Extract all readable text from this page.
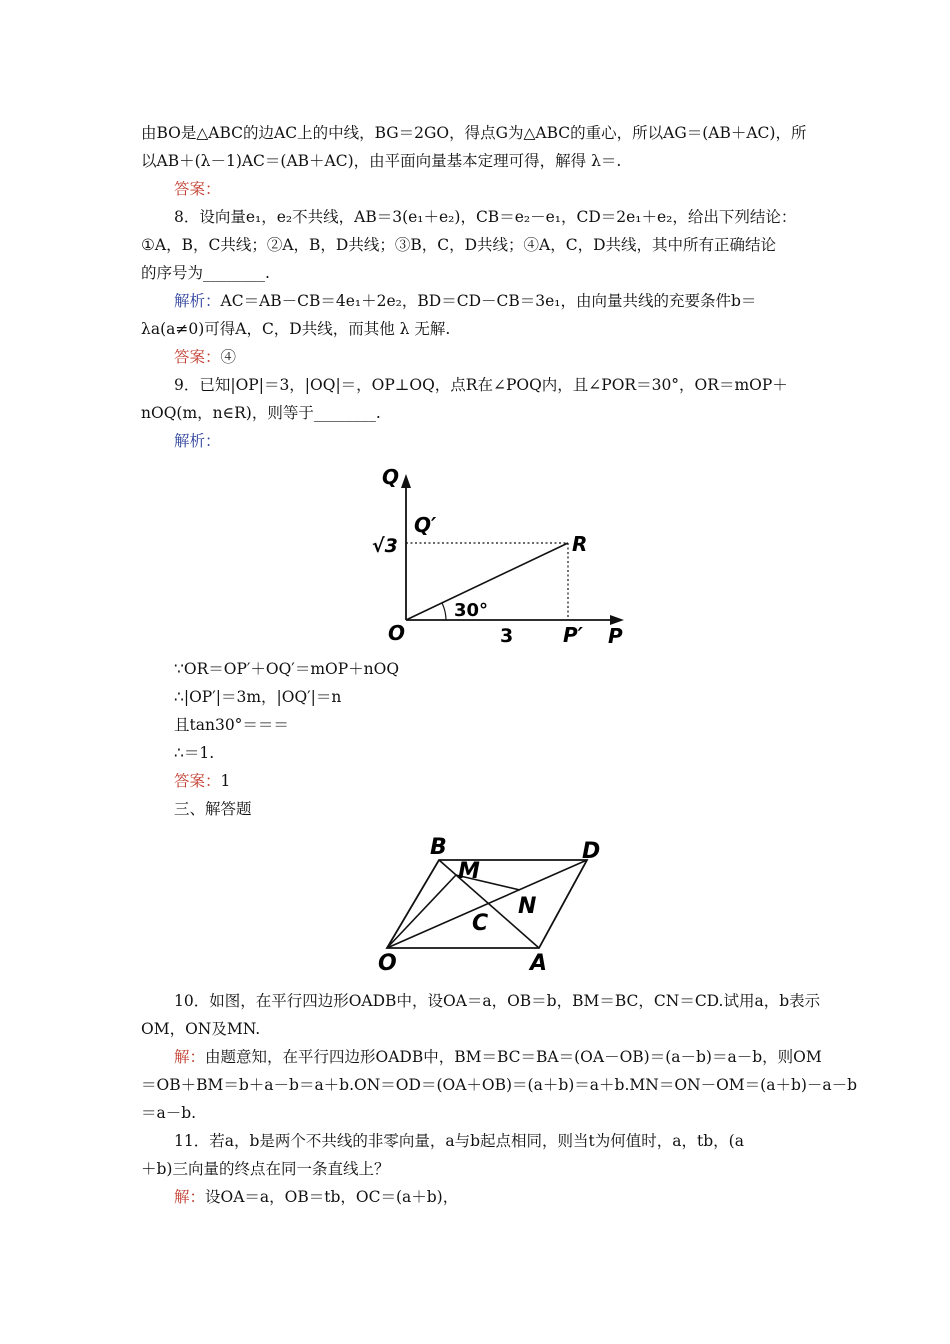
由BO是△ABC的边AC上的中线，BG＝2GO，得点G为△ABC的重心，所以AG＝(AB＋AC)，所
以AB＋(λ－1)AC＝(AB＋AC)，由平面向量基本定理可得，解得 λ＝.
答案：
8．设向量e₁，e₂不共线，AB＝3(e₁＋e₂)，CB＝e₂－e₁，CD＝2e₁＋e₂，给出下列结论：
①A，B，C共线；②A，B，D共线；③B，C，D共线；④A，C，D共线，其中所有正确结论
的序号为________.
解析：AC＝AB－CB＝4e₁＋2e₂，BD＝CD－CB＝3e₁，由向量共线的充要条件b＝
λa(a≠0)可得A，C，D共线，而其他 λ 无解.
答案：④
9．已知|OP|＝3，|OQ|＝，OP⊥OQ，点R在∠POQ内，且∠POR＝30°，OR＝mOP＋
nOQ(m，n∈R)，则等于________.
解析：
Q
Q′
√3	R
30°
O	3 P′ P
∵OR＝OP′＋OQ′＝mOP＋nOQ
∴|OP′|＝3m，|OQ′|＝n
且tan30°＝＝＝
∴＝1.
答案：1
三、解答题
B	D
M
N
C
O	A
10．如图，在平行四边形OADB中，设OA＝a，OB＝b，BM＝BC，CN＝CD.试用a，b表示
OM，ON及MN.
解：由题意知，在平行四边形OADB中，BM＝BC＝BA＝(OA－OB)＝(a－b)＝a－b，则OM
＝OB＋BM＝b＋a－b＝a＋b.ON＝OD＝(OA＋OB)＝(a＋b)＝a＋b.MN＝ON－OM＝(a＋b)－a－b
＝a－b.
11．若a，b是两个不共线的非零向量，a与b起点相同，则当t为何值时，a，tb，(a
＋b)三向量的终点在同一条直线上？
解：设OA＝a，OB＝tb，OC＝(a＋b)，
